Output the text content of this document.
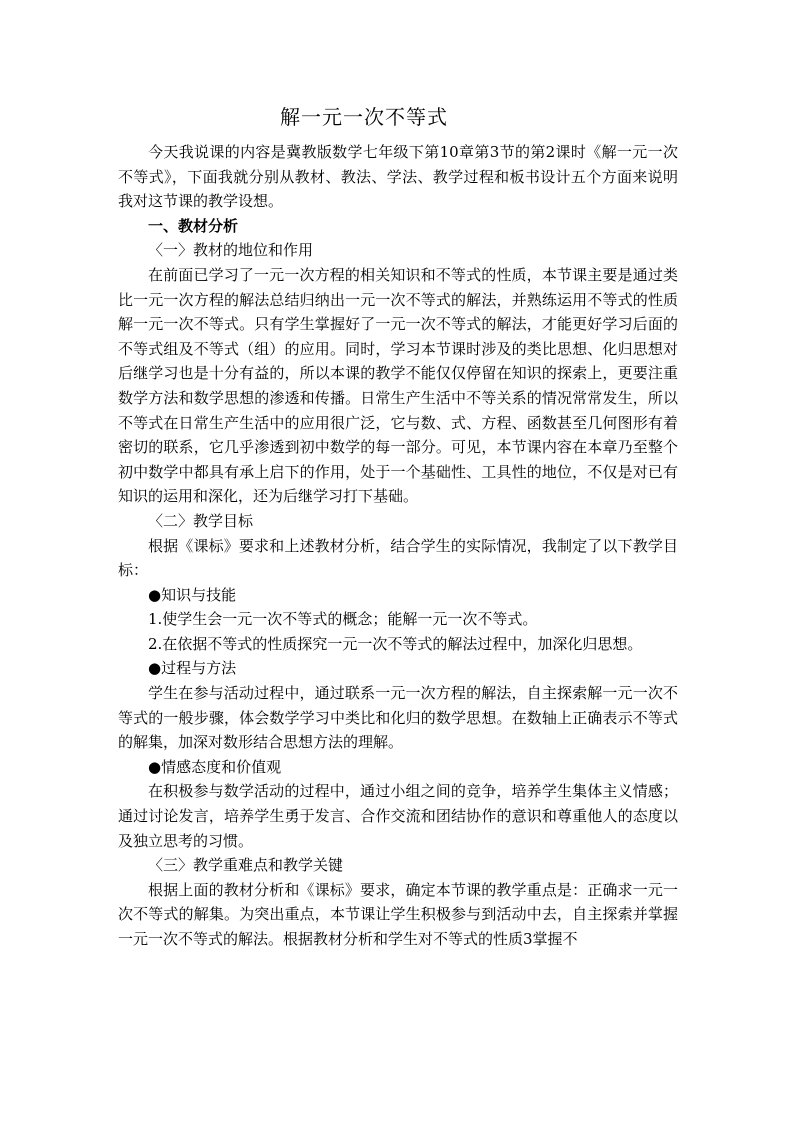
解一元一次不等式

今天我说课的内容是冀教版数学七年级下第10章第3节的第2课时《解一元一次不等式》，下面我就分别从教材、教法、学法、教学过程和板书设计五个方面来说明我对这节课的教学设想。

一、教材分析

〈一〉教材的地位和作用

在前面已学习了一元一次方程的相关知识和不等式的性质，本节课主要是通过类比一元一次方程的解法总结归纳出一元一次不等式的解法，并熟练运用不等式的性质解一元一次不等式。只有学生掌握好了一元一次不等式的解法，才能更好学习后面的不等式组及不等式（组）的应用。同时，学习本节课时涉及的类比思想、化归思想对后继学习也是十分有益的，所以本课的教学不能仅仅停留在知识的探索上，更要注重数学方法和数学思想的渗透和传播。日常生产生活中不等关系的情况常常发生，所以不等式在日常生产生活中的应用很广泛，它与数、式、方程、函数甚至几何图形有着密切的联系，它几乎渗透到初中数学的每一部分。可见，本节课内容在本章乃至整个初中数学中都具有承上启下的作用，处于一个基础性、工具性的地位，不仅是对已有知识的运用和深化，还为后继学习打下基础。

〈二〉教学目标

根据《课标》要求和上述教材分析，结合学生的实际情况，我制定了以下教学目标：

●知识与技能

1.使学生会一元一次不等式的概念；能解一元一次不等式。

2.在依据不等式的性质探究一元一次不等式的解法过程中，加深化归思想。

●过程与方法

学生在参与活动过程中，通过联系一元一次方程的解法，自主探索解一元一次不等式的一般步骤，体会数学学习中类比和化归的数学思想。在数轴上正确表示不等式的解集，加深对数形结合思想方法的理解。

●情感态度和价值观

在积极参与数学活动的过程中，通过小组之间的竞争，培养学生集体主义情感；通过讨论发言，培养学生勇于发言、合作交流和团结协作的意识和尊重他人的态度以及独立思考的习惯。

〈三〉教学重难点和教学关键

根据上面的教材分析和《课标》要求，确定本节课的教学重点是：正确求一元一次不等式的解集。为突出重点，本节课让学生积极参与到活动中去，自主探索并掌握一元一次不等式的解法。根据教材分析和学生对不等式的性质3掌握不
